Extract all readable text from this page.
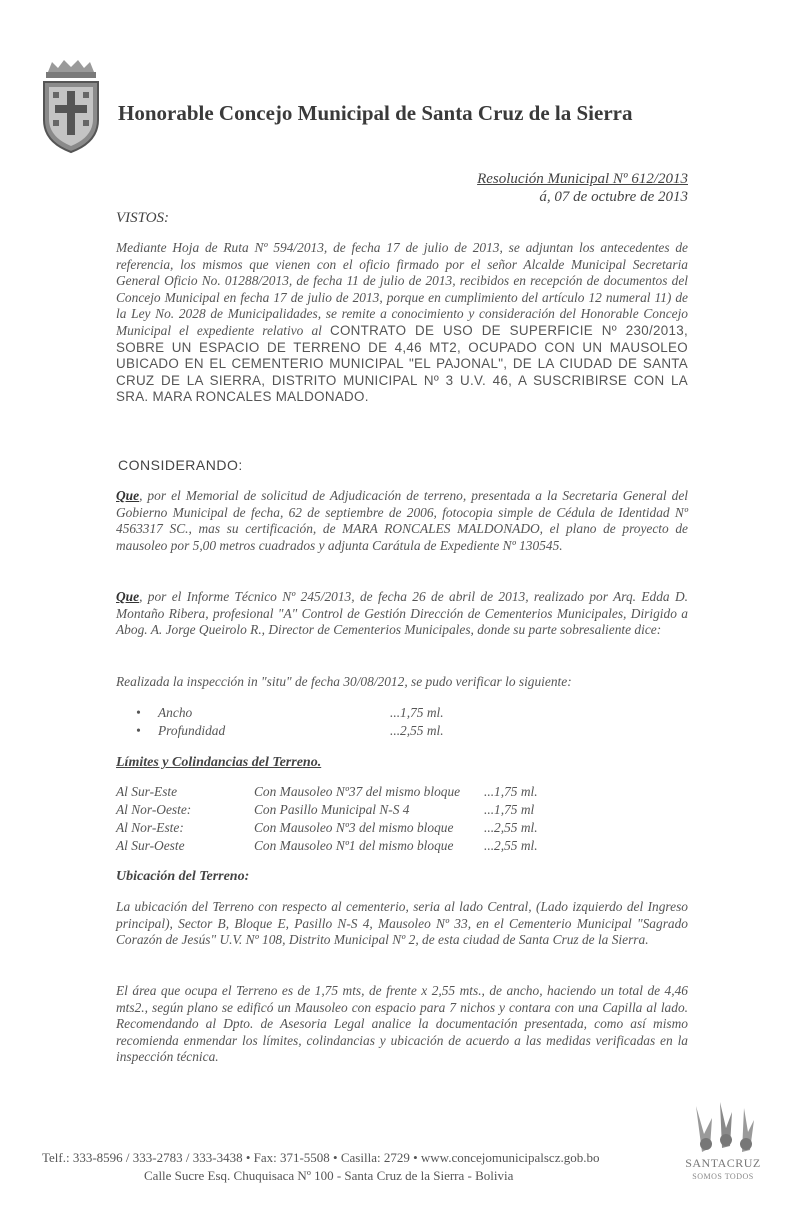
Honorable Concejo Municipal de Santa Cruz de la Sierra
Resolución Municipal Nº 612/2013
á, 07 de octubre de 2013
VISTOS:
Mediante Hoja de Ruta Nº 594/2013, de fecha 17 de julio de 2013, se adjuntan los antecedentes de referencia, los mismos que vienen con el oficio firmado por el señor Alcalde Municipal Secretaria General Oficio No. 01288/2013, de fecha 11 de julio de 2013, recibidos en recepción de documentos del Concejo Municipal en fecha 17 de julio de 2013, porque en cumplimiento del artículo 12 numeral 11) de la Ley No. 2028 de Municipalidades, se remite a conocimiento y consideración del Honorable Concejo Municipal el expediente relativo al CONTRATO DE USO DE SUPERFICIE Nº 230/2013, SOBRE UN ESPACIO DE TERRENO DE 4,46 MT2, OCUPADO CON UN MAUSOLEO UBICADO EN EL CEMENTERIO MUNICIPAL "EL PAJONAL", DE LA CIUDAD DE SANTA CRUZ DE LA SIERRA, DISTRITO MUNICIPAL Nº 3 U.V. 46, A SUSCRIBIRSE CON LA SRA. MARA RONCALES MALDONADO.
CONSIDERANDO:
Que, por el Memorial de solicitud de Adjudicación de terreno, presentada a la Secretaria General del Gobierno Municipal de fecha, 62 de septiembre de 2006, fotocopia simple de Cédula de Identidad Nº 4563317 SC., mas su certificación, de MARA RONCALES MALDONADO, el plano de proyecto de mausoleo por 5,00 metros cuadrados y adjunta Carátula de Expediente Nº 130545.
Que, por el Informe Técnico Nº 245/2013, de fecha 26 de abril de 2013, realizado por Arq. Edda D. Montaño Ribera, profesional "A" Control de Gestión Dirección de Cementerios Municipales, Dirigido a Abog. A. Jorge Queirolo R., Director de Cementerios Municipales, donde su parte sobresaliente dice:
Realizada la inspección in "situ" de fecha 30/08/2012, se pudo verificar lo siguiente:
• Ancho	...1,75 ml.
• Profundidad	...2,55 ml.
Límites y Colindancias del Terreno.
Al Sur-Este	Con Mausoleo Nº37 del mismo bloque ...1,75 ml.
Al Nor-Oeste:	Con Pasillo Municipal N-S 4	...1,75 ml
Al Nor-Este:	Con Mausoleo Nº3 del mismo bloque ...2,55 ml.
Al Sur-Oeste	Con Mausoleo Nº1 del mismo bloque ...2,55 ml.
Ubicación del Terreno:
La ubicación del Terreno con respecto al cementerio, seria al lado Central, (Lado izquierdo del Ingreso principal), Sector B, Bloque E, Pasillo N-S 4, Mausoleo Nº 33, en el Cementerio Municipal "Sagrado Corazón de Jesús" U.V. Nº 108, Distrito Municipal Nº 2, de esta ciudad de Santa Cruz de la Sierra.
El área que ocupa el Terreno es de 1,75 mts, de frente x 2,55 mts., de ancho, haciendo un total de 4,46 mts2., según plano se edificó un Mausoleo con espacio para 7 nichos y contara con una Capilla al lado. Recomendando al Dpto. de Asesoria Legal analice la documentación presentada, como así mismo recomienda enmendar los límites, colindancias y ubicación de acuerdo a las medidas verificadas en la inspección técnica.
Telf.: 333-8596 / 333-2783 / 333-3438 • Fax: 371-5508 • Casilla: 2729 • www.concejomunicipalscz.gob.bo
Calle Sucre Esq. Chuquisaca Nº 100 - Santa Cruz de la Sierra - Bolivia
SANTACRUZ
SOMOS TODOS
